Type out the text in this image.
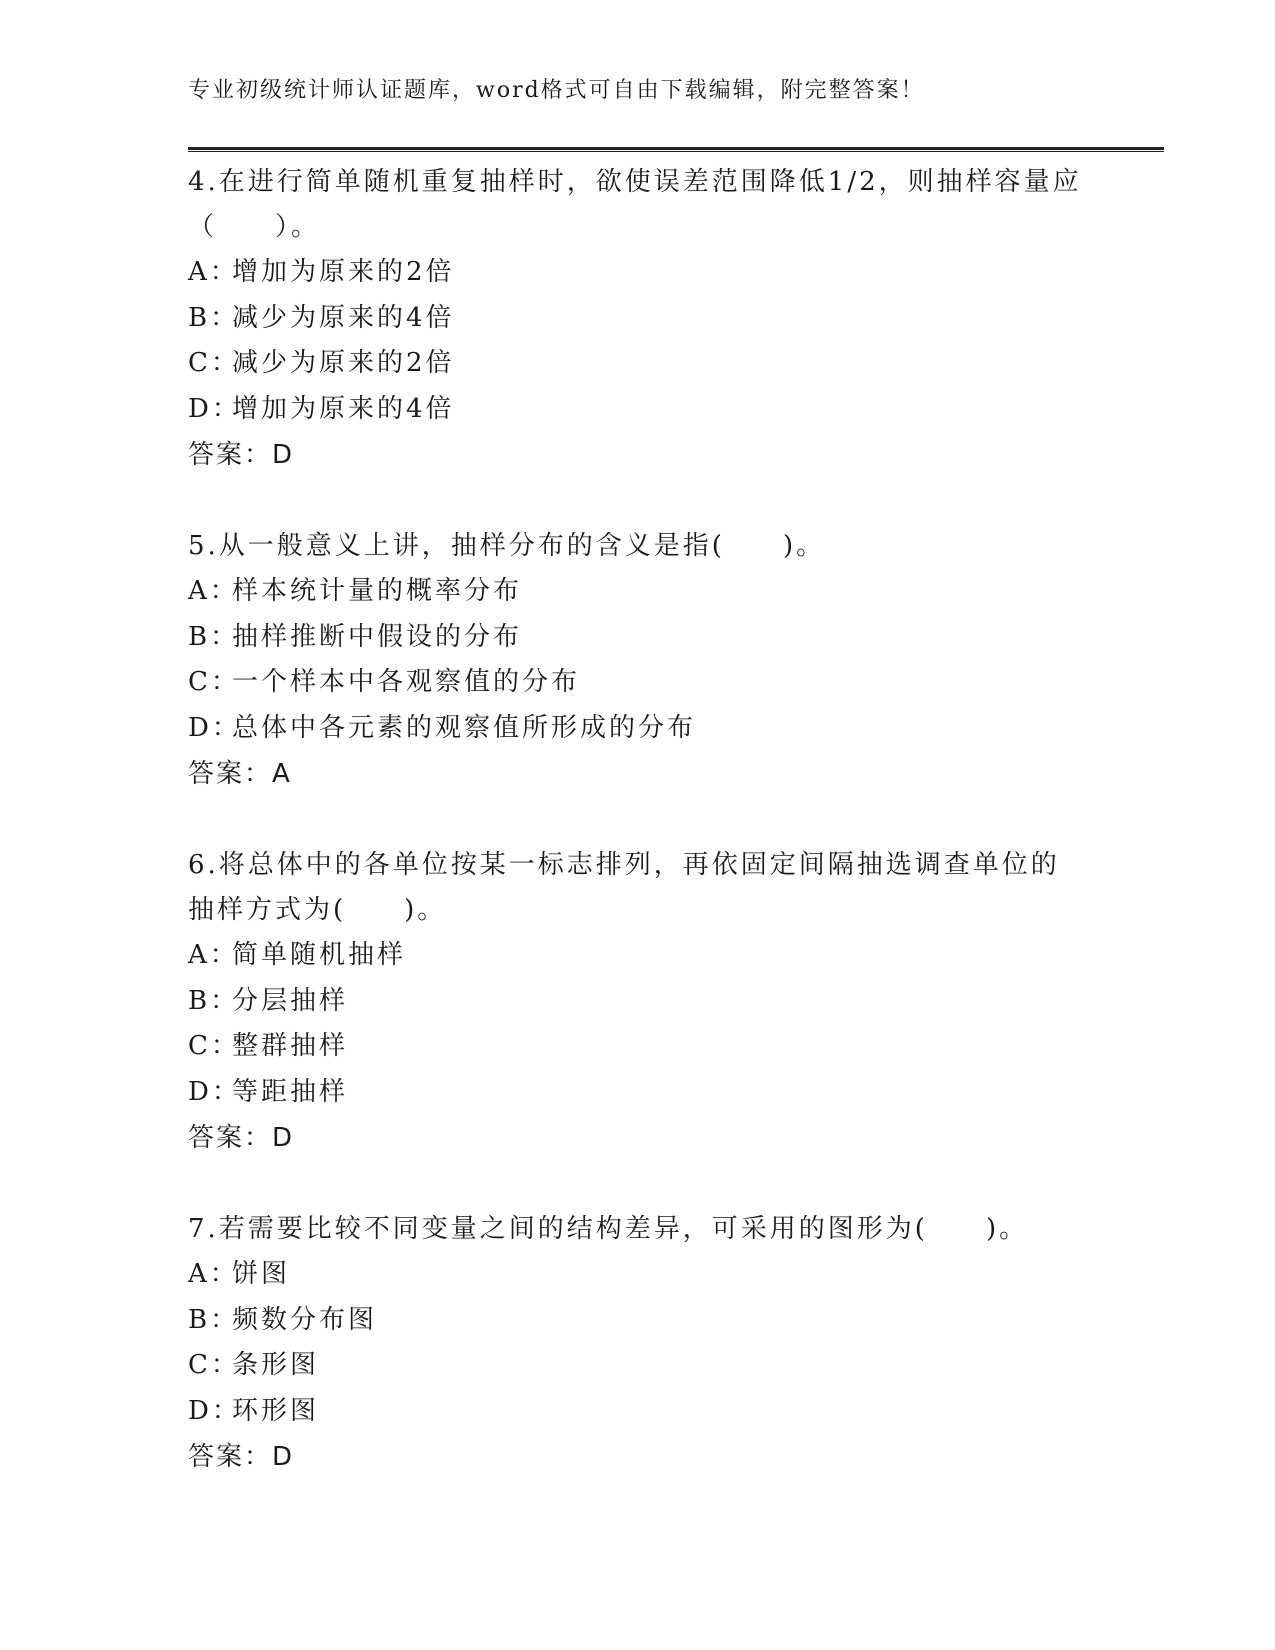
专业初级统计师认证题库，word格式可自由下载编辑，附完整答案！

4.在进行简单随机重复抽样时，欲使误差范围降低1/2，则抽样容量应

（　　）。

A：增加为原来的2倍
B：减少为原来的4倍
C：减少为原来的2倍
D：增加为原来的4倍
答案：D

5.从一般意义上讲，抽样分布的含义是指(　　)。

A：样本统计量的概率分布
B：抽样推断中假设的分布
C：一个样本中各观察值的分布
D：总体中各元素的观察值所形成的分布
答案：A

6.将总体中的各单位按某一标志排列，再依固定间隔抽选调查单位的

抽样方式为(　　)。

A：简单随机抽样
B：分层抽样
C：整群抽样
D：等距抽样
答案：D

7.若需要比较不同变量之间的结构差异，可采用的图形为(　　)。

A：饼图
B：频数分布图
C：条形图
D：环形图
答案：D
